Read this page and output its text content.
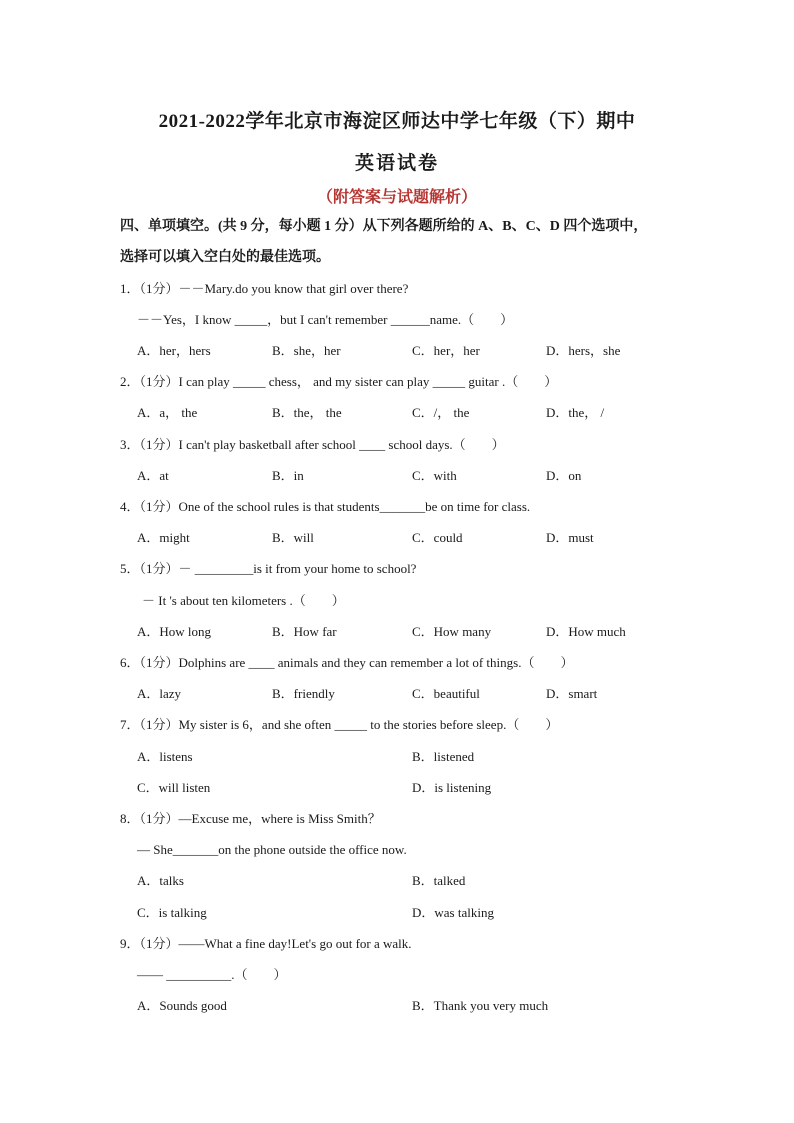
2021-2022学年北京市海淀区师达中学七年级（下）期中
英语试卷
（附答案与试题解析）
四、单项填空。(共 9 分，每小题 1 分）从下列各题所给的 A、B、C、D 四个选项中，
选择可以填入空白处的最佳选项。
1．（1分）－－Mary.do you know that girl over there?
－－Yes，I know _____，but I can't remember ______name.（　　）
A．her，hers	B．she，her	C．her，her	D．hers，she
2．（1分）I can play _____ chess， and my sister can play _____ guitar .（　　）
A．a， the	B．the， the	C．/， the	D．the， /
3．（1分）I can't play basketball after school ____ school days.（　　）
A．at	B．in	C．with	D．on
4．（1分）One of the school rules is that students_______be on time for class.
A．might	B．will	C．could	D．must
5．（1分）－ _________is it from your home to school?
－ It 's about ten kilometers .（　　）
A．How long	B．How far	C．How many	D．How much
6．（1分）Dolphins are ____ animals and they can remember a lot of things.（　　）
A．lazy	B．friendly	C．beautiful	D．smart
7．（1分）My sister is 6，and she often _____ to the stories before sleep.（　　）
A．listens	B．listened
C．will listen	D．is listening
8．（1分）—Excuse me，where is Miss Smith？
— She_______on the phone outside the office now.
A．talks	B．talked
C．is talking	D．was talking
9．（1分）——What a fine day!Let's go out for a walk.
—— __________.（　　）
A．Sounds good	B．Thank you very much
